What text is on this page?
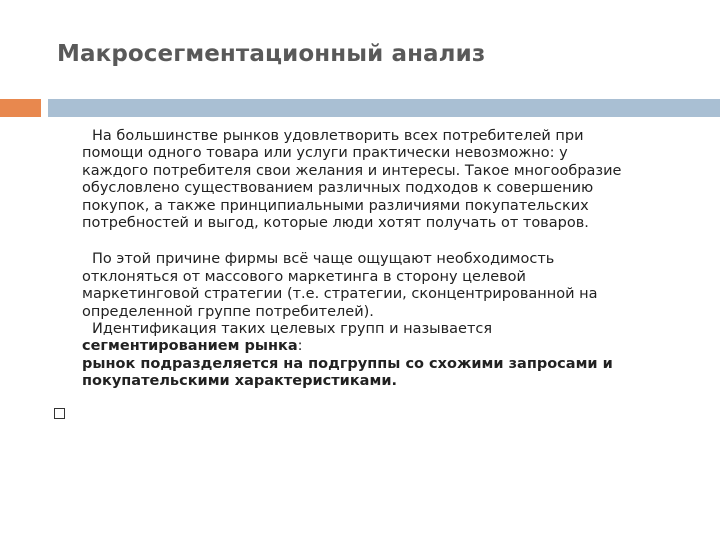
Макросегментационный анализ

На большинстве рынков удовлетворить всех потребителей при
помощи одного товара или услуги практически невозможно: у
каждого потребителя свои желания и интересы. Такое многообразие
обусловлено существованием различных подходов к совершению
покупок, а также принципиальными различиями покупательских
потребностей и выгод, которые люди хотят получать от товаров.

По этой причине фирмы всё чаще ощущают необходимость
отклоняться от массового маркетинга в сторону целевой
маркетинговой стратегии (т.е. стратегии, сконцентрированной на
определенной группе потребителей).
Идентификация таких целевых групп и называется
сегментированием рынка:
рынок подразделяется на подгруппы со схожими запросами и
покупательскими характеристиками.
